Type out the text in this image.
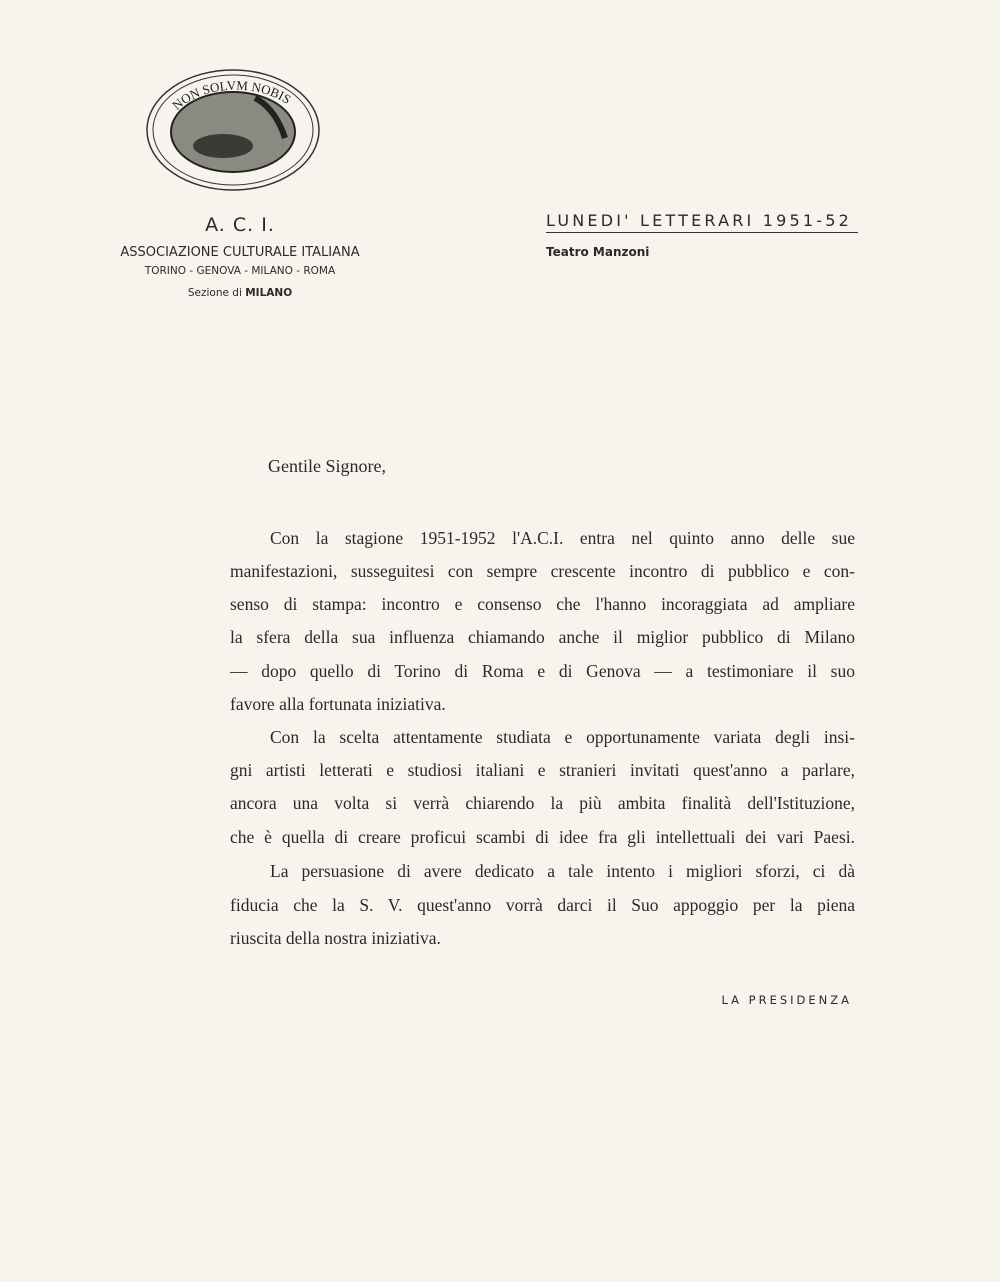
NON SOLVM NOBIS
A. C. I.
ASSOCIAZIONE CULTURALE ITALIANA
TORINO - GENOVA - MILANO - ROMA
Sezione di MILANO
LUNEDI' LETTERARI 1951-52
Teatro Manzoni
Gentile Signore,
Con la stagione 1951-1952 l'A.C.I. entra nel quinto anno delle sue
manifestazioni, susseguitesi con sempre crescente incontro di pubblico e con-
senso di stampa: incontro e consenso che l'hanno incoraggiata ad ampliare
la sfera della sua influenza chiamando anche il miglior pubblico di Milano
— dopo quello di Torino di Roma e di Genova — a testimoniare il suo
favore alla fortunata iniziativa.
Con la scelta attentamente studiata e opportunamente variata degli insi-
gni artisti letterati e studiosi italiani e stranieri invitati quest'anno a parlare,
ancora una volta si verrà chiarendo la più ambita finalità dell'Istituzione,
che è quella di creare proficui scambi di idee fra gli intellettuali dei vari Paesi.
La persuasione di avere dedicato a tale intento i migliori sforzi, ci dà
fiducia che la S. V. quest'anno vorrà darci il Suo appoggio per la piena
riuscita della nostra iniziativa.
LA PRESIDENZA
